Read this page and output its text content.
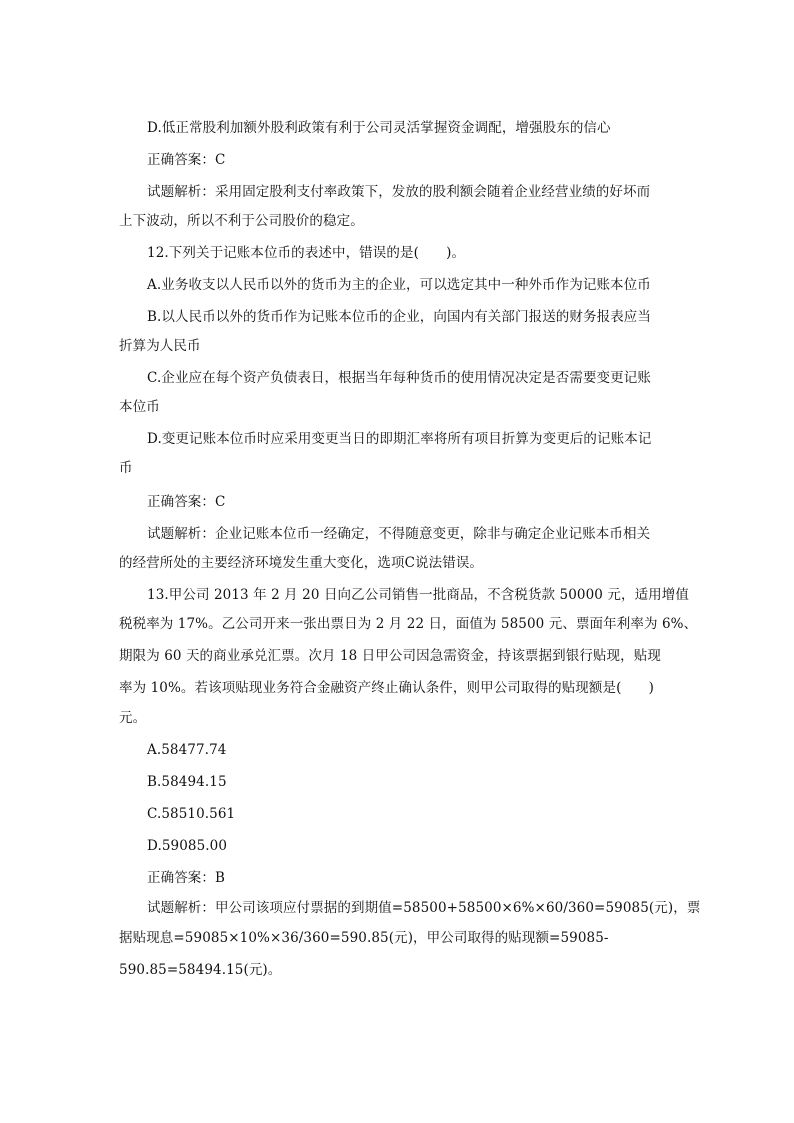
D.低正常股利加额外股利政策有利于公司灵活掌握资金调配，增强股东的信心
正确答案：C
试题解析：采用固定股利支付率政策下，发放的股利额会随着企业经营业绩的好坏而
上下波动，所以不利于公司股价的稳定。
12.下列关于记账本位币的表述中，错误的是(　　)。
A.业务收支以人民币以外的货币为主的企业，可以选定其中一种外币作为记账本位币
B.以人民币以外的货币作为记账本位币的企业，向国内有关部门报送的财务报表应当
折算为人民币
C.企业应在每个资产负债表日，根据当年每种货币的使用情况决定是否需要变更记账
本位币
D.变更记账本位币时应采用变更当日的即期汇率将所有项目折算为变更后的记账本记
币
正确答案：C
试题解析：企业记账本位币一经确定，不得随意变更，除非与确定企业记账本币相关
的经营所处的主要经济环境发生重大变化，选项C说法错误。
13.甲公司 2013 年 2 月 20 日向乙公司销售一批商品，不含税货款 50000 元，适用增值
税税率为 17%。乙公司开来一张出票日为 2 月 22 日，面值为 58500 元、票面年利率为 6%、
期限为 60 天的商业承兑汇票。次月 18 日甲公司因急需资金，持该票据到银行贴现，贴现
率为 10%。若该项贴现业务符合金融资产终止确认条件，则甲公司取得的贴现额是(　　)
元。
A.58477.74
B.58494.15
C.58510.561
D.59085.00
正确答案：B
试题解析：甲公司该项应付票据的到期值=58500+58500×6%×60/360=59085(元)，票
据贴现息=59085×10%×36/360=590.85(元)，甲公司取得的贴现额=59085-
590.85=58494.15(元)。
